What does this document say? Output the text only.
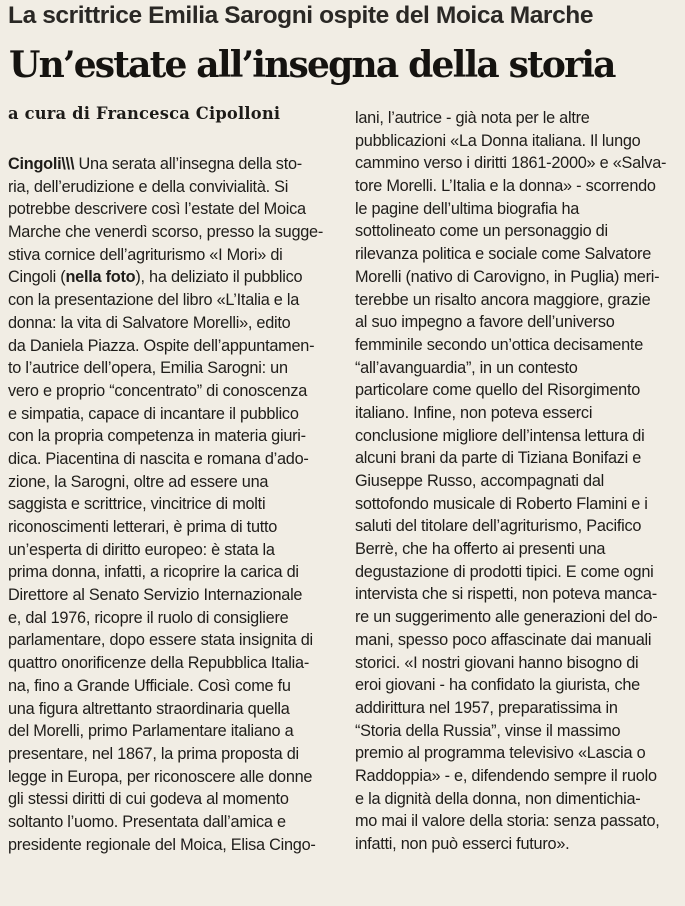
La scrittrice Emilia Sarogni ospite del Moica Marche
Un’estate all’insegna della storia
a cura di Francesca Cipolloni
Cingoli\\\ Una serata all’insegna della sto-
ria, dell’erudizione e della convivialità. Si
potrebbe descrivere così l’estate del Moica
Marche che venerdì scorso, presso la sugge-
stiva cornice dell’agriturismo «I Mori» di
Cingoli (nella foto), ha deliziato il pubblico
con la presentazione del libro «L’Italia e la
donna: la vita di Salvatore Morelli», edito
da Daniela Piazza. Ospite dell’appuntamen-
to l’autrice dell’opera, Emilia Sarogni: un
vero e proprio “concentrato” di conoscenza
e simpatia, capace di incantare il pubblico
con la propria competenza in materia giuri-
dica. Piacentina di nascita e romana d’ado-
zione, la Sarogni, oltre ad essere una
saggista e scrittrice, vincitrice di molti
riconoscimenti letterari, è prima di tutto
un’esperta di diritto europeo: è stata la
prima donna, infatti, a ricoprire la carica di
Direttore al Senato Servizio Internazionale
e, dal 1976, ricopre il ruolo di consigliere
parlamentare, dopo essere stata insignita di
quattro onorificenze della Repubblica Italia-
na, fino a Grande Ufficiale. Così come fu
una figura altrettanto straordinaria quella
del Morelli, primo Parlamentare italiano a
presentare, nel 1867, la prima proposta di
legge in Europa, per riconoscere alle donne
gli stessi diritti di cui godeva al momento
soltanto l’uomo. Presentata dall’amica e
presidente regionale del Moica, Elisa Cingo-
lani, l’autrice - già nota per le altre
pubblicazioni «La Donna italiana. Il lungo
cammino verso i diritti 1861-2000» e «Salva-
tore Morelli. L’Italia e la donna» - scorrendo
le pagine dell’ultima biografia ha
sottolineato come un personaggio di
rilevanza politica e sociale come Salvatore
Morelli (nativo di Carovigno, in Puglia) meri-
terebbe un risalto ancora maggiore, grazie
al suo impegno a favore dell’universo
femminile secondo un’ottica decisamente
“all’avanguardia”, in un contesto
particolare come quello del Risorgimento
italiano. Infine, non poteva esserci
conclusione migliore dell’intensa lettura di
alcuni brani da parte di Tiziana Bonifazi e
Giuseppe Russo, accompagnati dal
sottofondo musicale di Roberto Flamini e i
saluti del titolare dell’agriturismo, Pacifico
Berrè, che ha offerto ai presenti una
degustazione di prodotti tipici. E come ogni
intervista che si rispetti, non poteva manca-
re un suggerimento alle generazioni del do-
mani, spesso poco affascinate dai manuali
storici. «I nostri giovani hanno bisogno di
eroi giovani - ha confidato la giurista, che
addirittura nel 1957, preparatissima in
“Storia della Russia”, vinse il massimo
premio al programma televisivo «Lascia o
Raddoppia» - e, difendendo sempre il ruolo
e la dignità della donna, non dimentichia-
mo mai il valore della storia: senza passato,
infatti, non può esserci futuro».
